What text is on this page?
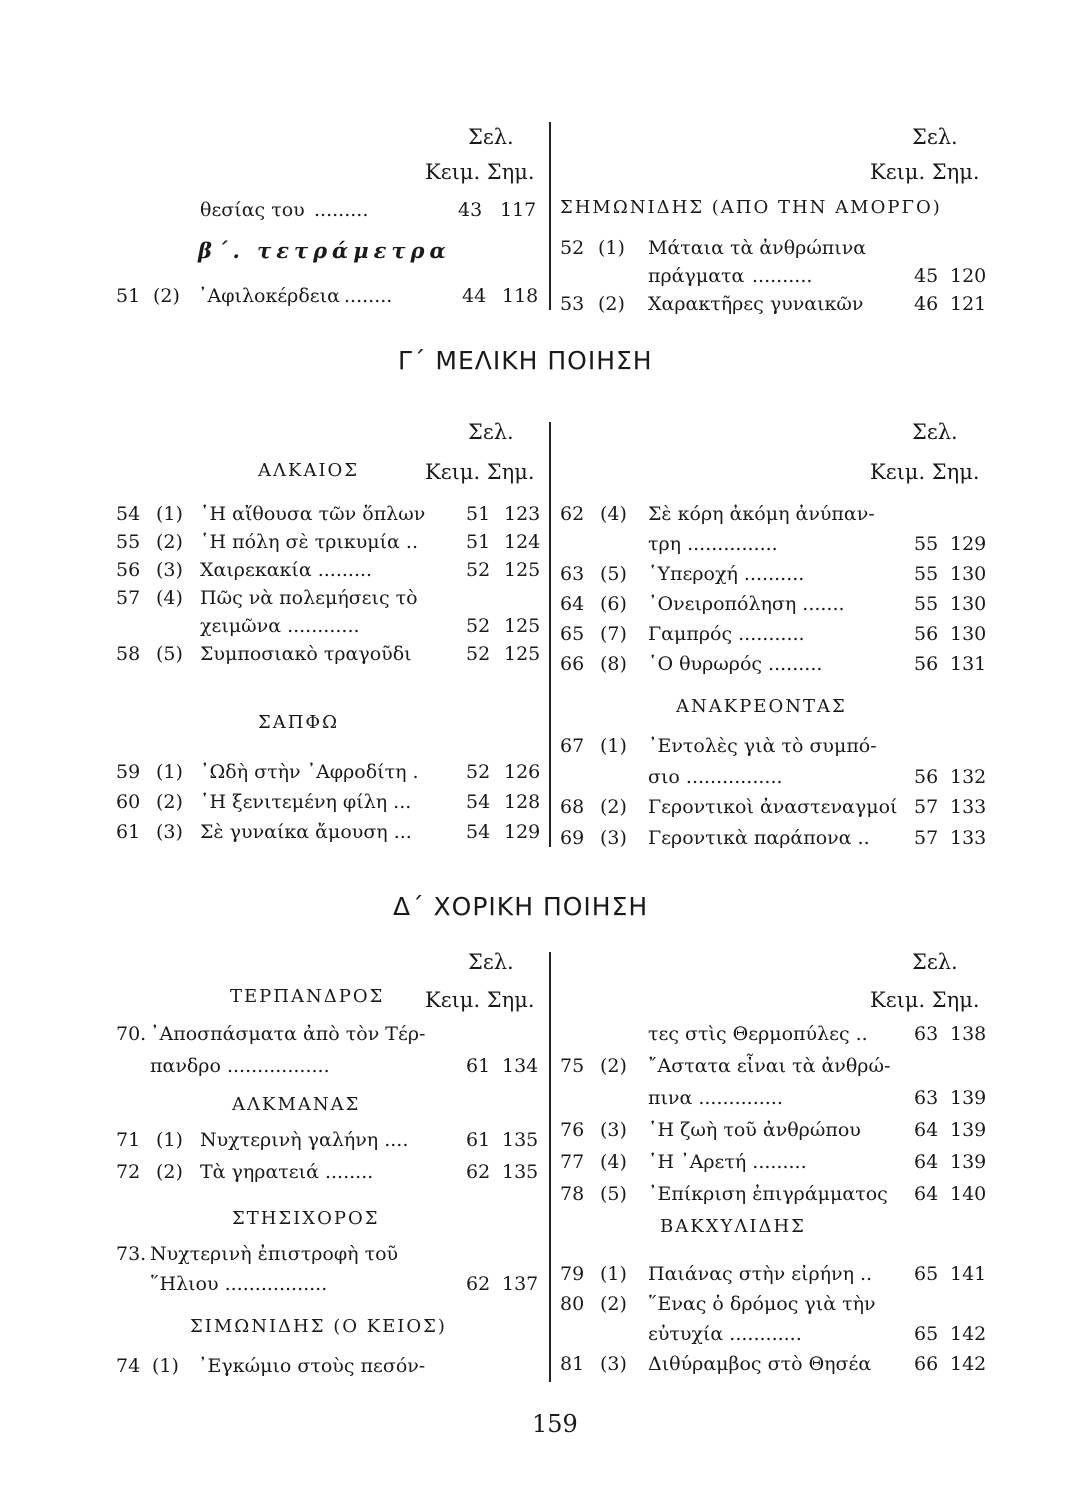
Σελ.
Κειμ. Σημ.
Σελ.
Κειμ. Σημ.
θεσίας του .........	43 117
β΄. τετράμετρα
51 (2) ᾿Αφιλοκέρδεια ........	44 118
ΣΗΜΩΝΙΔΗΣ (ΑΠΟ ΤΗΝ ΑΜΟΡΓΟ)
52 (1) Μάταια τὰ ἀνθρώπινα
πράγματα ..........	45 120
53 (2) Χαρακτῆρες γυναικῶν	46 121
Γ΄ ΜΕΛΙΚΗ ΠΟΙΗΣΗ
Σελ.
Κειμ. Σημ.
Σελ.
Κειμ. Σημ.
ΑΛΚΑΙΟΣ
54 (1) ῾Η αἴθουσα τῶν ὅπλων 51 123
55 (2) ῾Η πόλη σὲ τρικυμία ..	51 124
56 (3) Χαιρεκακία .........	52 125
57 (4) Πῶς νὰ πολεμήσεις τὸ
χειμῶνα ............	52 125
58 (5) Συμποσιακὸ τραγοῦδι	52 125
ΣΑΠΦΩ
59 (1) ᾿Ωδὴ στὴν ᾿Αφροδίτη . 52 126
60 (2) ῾Η ξενιτεμένη φίλη ...	54 128
61 (3) Σὲ γυναίκα ἄμουση ...	54 129
62 (4) Σὲ κόρη ἀκόμη ἀνύπαν-
τρη ...............	55 129
63 (5) ῾Υπεροχή ..........	55 130
64 (6) ᾿Ονειροπόληση .......	55 130
65 (7) Γαμπρός ...........	56 130
66 (8) ῾Ο θυρωρός .........	56 131
ΑΝΑΚΡΕΟΝΤΑΣ
67 (1) ᾿Εντολὲς γιὰ τὸ συμπό-
σιο ................	56 132
68 (2) Γεροντικοὶ ἀναστεναγμοί 57 133
69 (3) Γεροντικὰ παράπονα .. 57 133
Δ΄ ΧΟΡΙΚΗ ΠΟΙΗΣΗ
Σελ.
Κειμ. Σημ.
Σελ.
Κειμ. Σημ.
ΤΕΡΠΑΝΔΡΟΣ
70. ᾿Αποσπάσματα ἀπὸ τὸν Τέρ-
πανδρο .................	61 134
ΑΛΚΜΑΝΑΣ
71 (1) Νυχτερινὴ γαλήνη ....	61 135
72 (2) Τὰ γηρατειά ........	62 135
ΣΤΗΣΙΧΟΡΟΣ
73. Νυχτερινὴ ἐπιστροφὴ τοῦ
῞Ηλιου .................	62 137
ΣΙΜΩΝΙΔΗΣ (Ο ΚΕΙΟΣ)
74 (1) ᾿Εγκώμιο στοὺς πεσόν-
τες στὶς Θερμοπύλες .. 63 138
75 (2) ῎Αστατα εἶναι τὰ ἀνθρώ-
πινα ..............	63 139
76 (3) ῾Η ζωὴ τοῦ ἀνθρώπου	64 139
77 (4) ῾Η ᾿Αρετή .........	64 139
78 (5) ᾿Επίκριση ἐπιγράμματος 64 140
ΒΑΚΧΥΛΙΔΗΣ
79 (1) Παιάνας στὴν εἰρήνη .. 65 141
80 (2) ῞Ενας ὁ δρόμος γιὰ τὴν
εὐτυχία ............	65 142
81 (3) Διθύραμβος στὸ Θησέα 66 142
159
